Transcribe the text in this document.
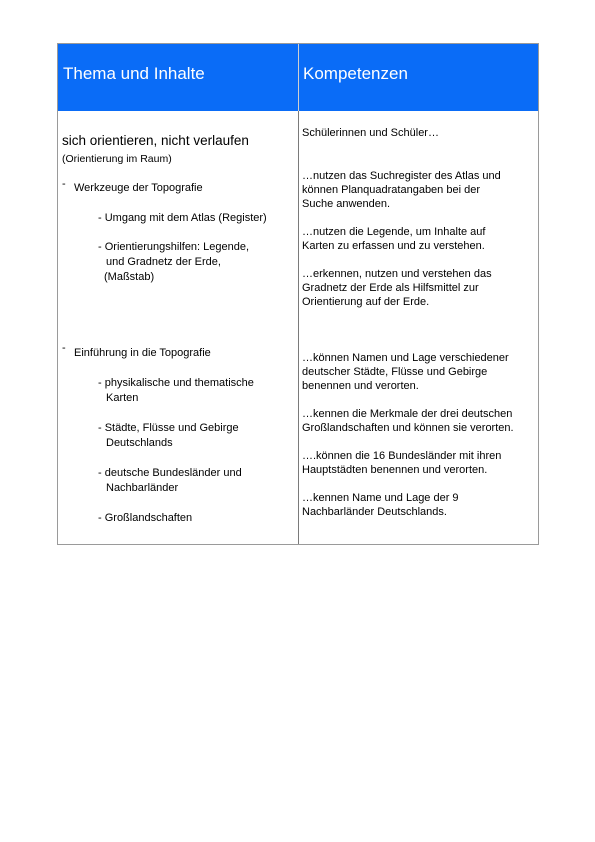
Thema und Inhalte	Kompetenzen
sich orientieren, nicht verlaufen
(Orientierung im Raum)
- Werkzeuge der Topografie
- Umgang mit dem Atlas (Register)
- Orientierungshilfen: Legende,
und Gradnetz der Erde,
(Maßstab)
- Einführung in die Topografie
- physikalische und thematische
Karten
- Städte, Flüsse und Gebirge
Deutschlands
- deutsche Bundesländer und
Nachbarländer
- Großlandschaften
Schülerinnen und Schüler…
…nutzen das Suchregister des Atlas und
können Planquadratangaben bei der
Suche anwenden.
…nutzen die Legende, um Inhalte auf
Karten zu erfassen und zu verstehen.
…erkennen, nutzen und verstehen das
Gradnetz der Erde als Hilfsmittel zur
Orientierung auf der Erde.
…können Namen und Lage verschiedener
deutscher Städte, Flüsse und Gebirge
benennen und verorten.
…kennen die Merkmale der drei deutschen
Großlandschaften und können sie verorten.
….können die 16 Bundesländer mit ihren
Hauptstädten benennen und verorten.
…kennen Name und Lage der 9
Nachbarländer Deutschlands.
